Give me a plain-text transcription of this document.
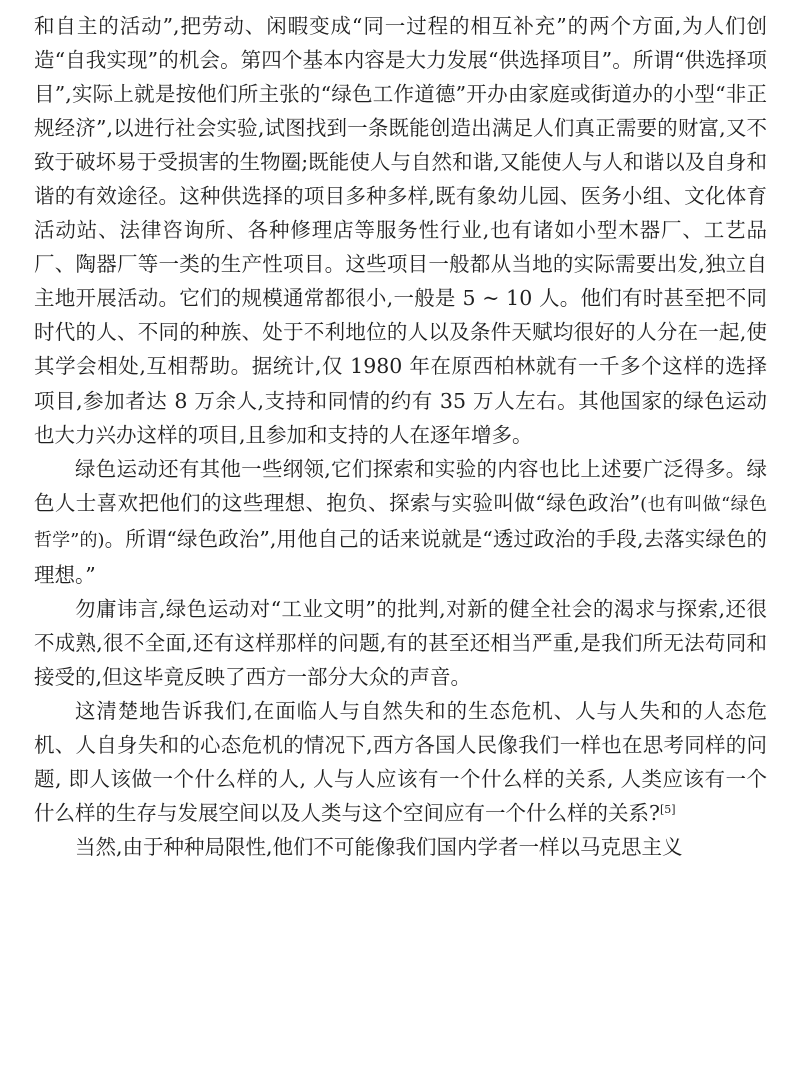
和自主的活动”,把劳动、闲暇变成“同一过程的相互补充”的两个方面,为人们创造“自我实现”的机会。第四个基本内容是大力发展“供选择项目”。所谓“供选择项目”,实际上就是按他们所主张的“绿色工作道德”开办由家庭或街道办的小型“非正规经济”,以进行社会实验,试图找到一条既能创造出满足人们真正需要的财富,又不致于破坏易于受损害的生物圈;既能使人与自然和谐,又能使人与人和谐以及自身和谐的有效途径。这种供选择的项目多种多样,既有象幼儿园、医务小组、文化体育活动站、法律咨询所、各种修理店等服务性行业,也有诸如小型木器厂、工艺品厂、陶器厂等一类的生产性项目。这些项目一般都从当地的实际需要出发,独立自主地开展活动。它们的规模通常都很小,一般是 5 ~ 10 人。他们有时甚至把不同时代的人、不同的种族、处于不利地位的人以及条件天赋均很好的人分在一起,使其学会相处,互相帮助。据统计,仅 1980 年在原西柏林就有一千多个这样的选择项目,参加者达 8 万余人,支持和同情的约有 35 万人左右。其他国家的绿色运动也大力兴办这样的项目,且参加和支持的人在逐年增多。

绿色运动还有其他一些纲领,它们探索和实验的内容也比上述要广泛得多。绿色人士喜欢把他们的这些理想、抱负、探索与实验叫做“绿色政治”(也有叫做“绿色哲学”的)。所谓“绿色政治”,用他自己的话来说就是“透过政治的手段,去落实绿色的理想。”

勿庸讳言,绿色运动对“工业文明”的批判,对新的健全社会的渴求与探索,还很不成熟,很不全面,还有这样那样的问题,有的甚至还相当严重,是我们所无法苟同和接受的,但这毕竟反映了西方一部分大众的声音。

这清楚地告诉我们,在面临人与自然失和的生态危机、人与人失和的人态危机、人自身失和的心态危机的情况下,西方各国人民像我们一样也在思考同样的问题, 即人该做一个什么样的人, 人与人应该有一个什么样的关系, 人类应该有一个什么样的生存与发展空间以及人类与这个空间应有一个什么样的关系?[5]

当然,由于种种局限性,他们不可能像我们国内学者一样以马克思主义
